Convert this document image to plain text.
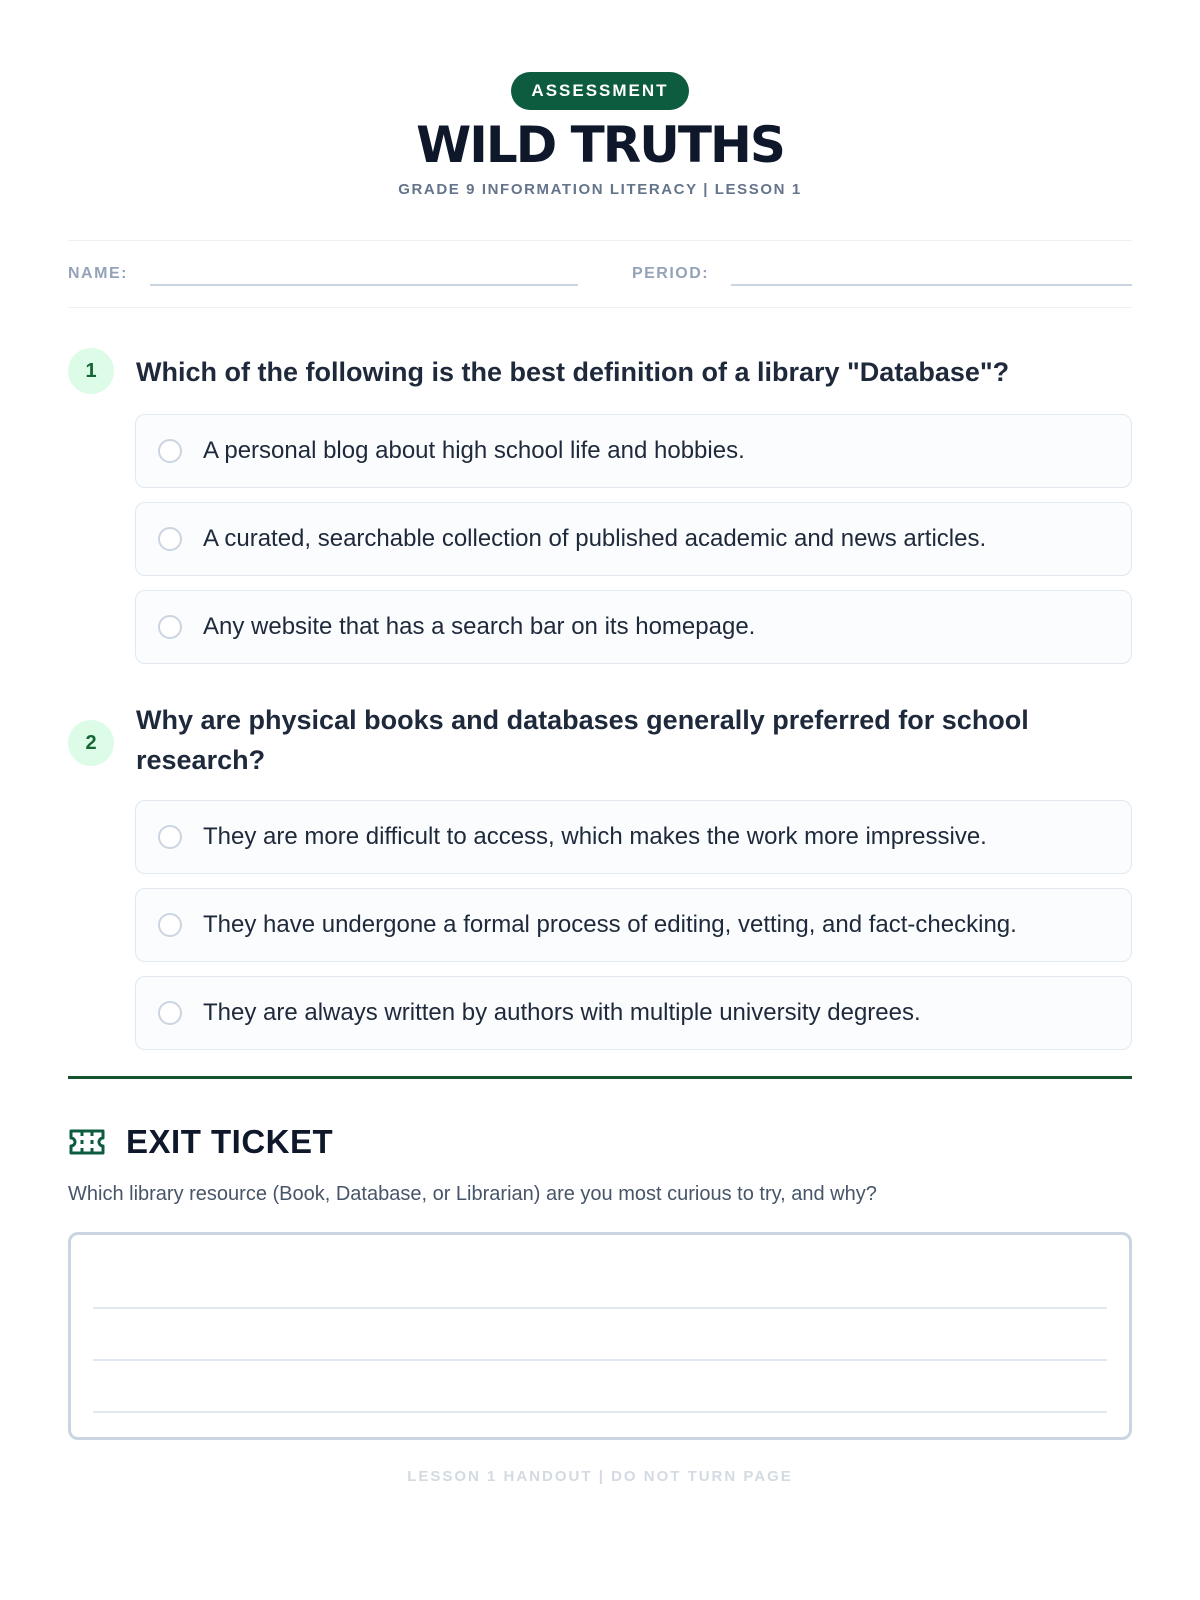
ASSESSMENT
WILD TRUTHS
GRADE 9 INFORMATION LITERACY | LESSON 1
NAME:	PERIOD:
1	Which of the following is the best definition of a library "Database"?
A personal blog about high school life and hobbies.
A curated, searchable collection of published academic and news articles.
Any website that has a search bar on its homepage.
2
Why are physical books and databases generally preferred for school research?
They are more difficult to access, which makes the work more impressive.
They have undergone a formal process of editing, vetting, and fact-checking.
They are always written by authors with multiple university degrees.
EXIT TICKET
Which library resource (Book, Database, or Librarian) are you most curious to try, and why?
LESSON 1 HANDOUT | DO NOT TURN PAGE
